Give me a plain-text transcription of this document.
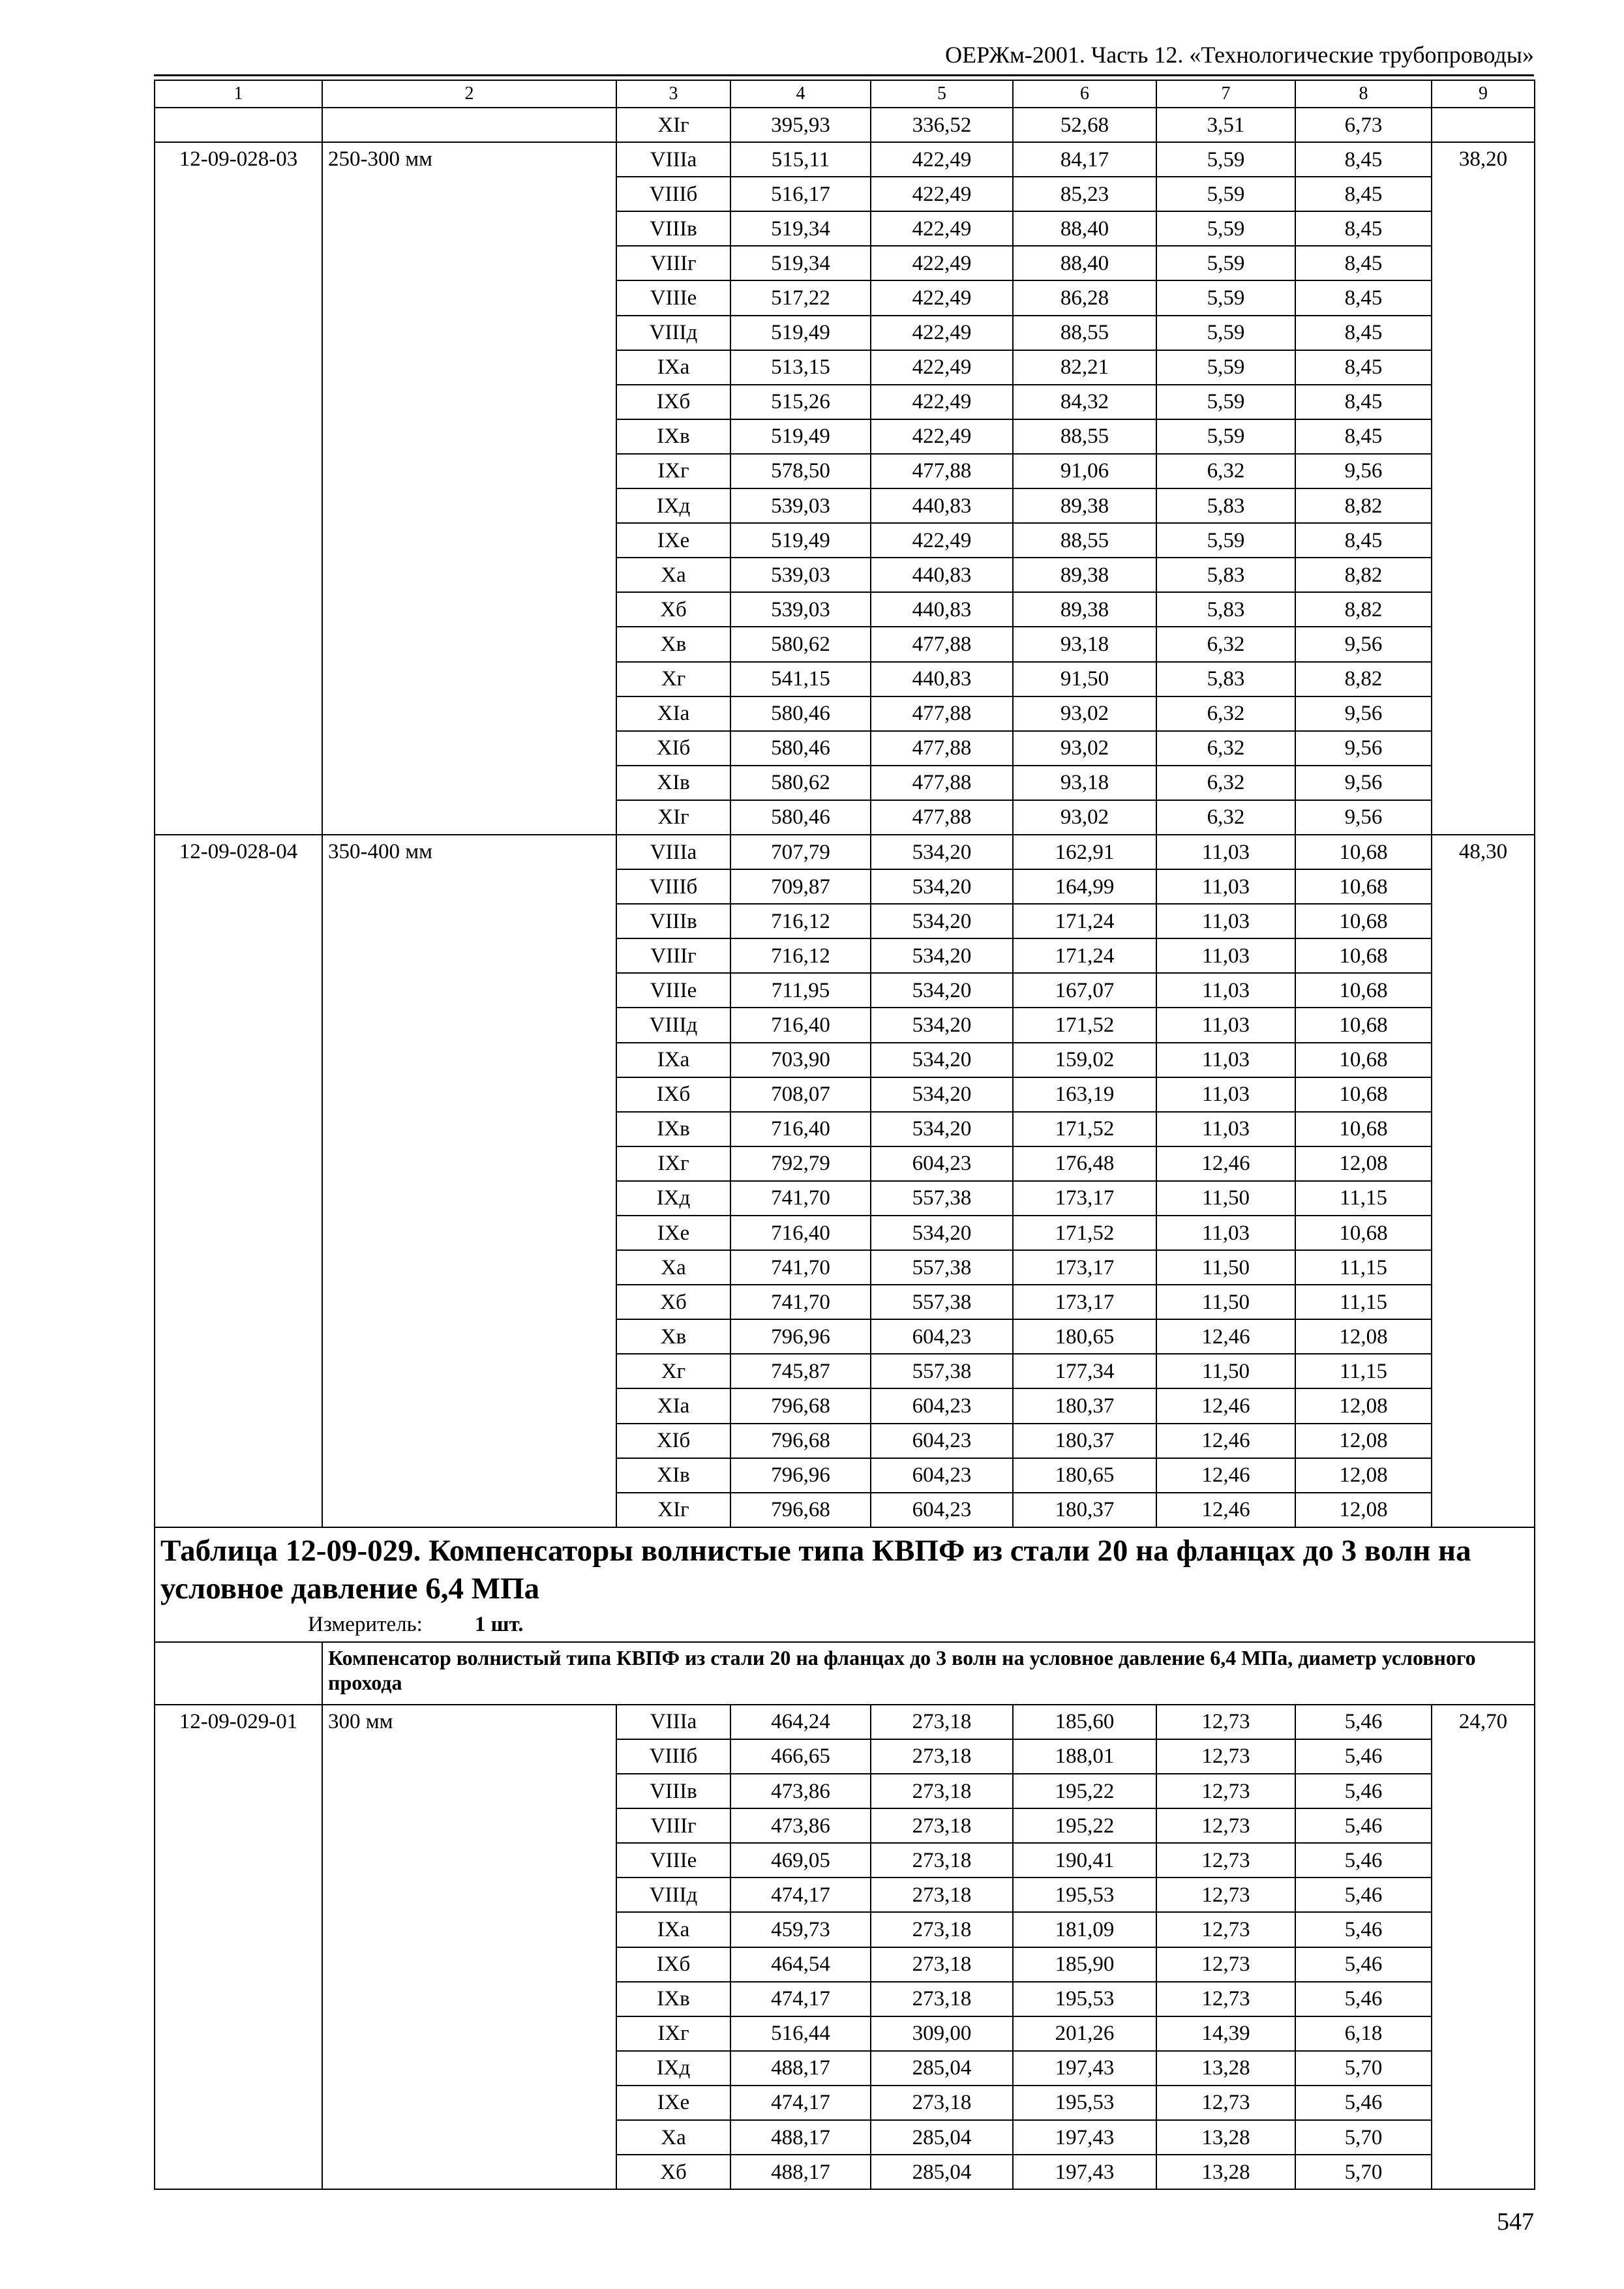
ОЕРЖм-2001. Часть 12. «Технологические трубопроводы»
1	2	3	4	5	6	7	8	9
		XIг	395,93	336,52	52,68	3,51	6,73	
12-09-028-03	250-300 мм	VIIIа	515,11	422,49	84,17	5,59	8,45	38,20
		VIIIб	516,17	422,49	85,23	5,59	8,45	
		VIIIв	519,34	422,49	88,40	5,59	8,45	
		VIIIг	519,34	422,49	88,40	5,59	8,45	
		VIIIе	517,22	422,49	86,28	5,59	8,45	
		VIIIд	519,49	422,49	88,55	5,59	8,45	
		IXа	513,15	422,49	82,21	5,59	8,45	
		IXб	515,26	422,49	84,32	5,59	8,45	
		IXв	519,49	422,49	88,55	5,59	8,45	
		IXг	578,50	477,88	91,06	6,32	9,56	
		IXд	539,03	440,83	89,38	5,83	8,82	
		IXе	519,49	422,49	88,55	5,59	8,45	
		Xа	539,03	440,83	89,38	5,83	8,82	
		Xб	539,03	440,83	89,38	5,83	8,82	
		Xв	580,62	477,88	93,18	6,32	9,56	
		Xг	541,15	440,83	91,50	5,83	8,82	
		XIа	580,46	477,88	93,02	6,32	9,56	
		XIб	580,46	477,88	93,02	6,32	9,56	
		XIв	580,62	477,88	93,18	6,32	9,56	
		XIг	580,46	477,88	93,02	6,32	9,56	
12-09-028-04	350-400 мм	VIIIа	707,79	534,20	162,91	11,03	10,68	48,30
		VIIIб	709,87	534,20	164,99	11,03	10,68	
		VIIIв	716,12	534,20	171,24	11,03	10,68	
		VIIIг	716,12	534,20	171,24	11,03	10,68	
		VIIIе	711,95	534,20	167,07	11,03	10,68	
		VIIIд	716,40	534,20	171,52	11,03	10,68	
		IXа	703,90	534,20	159,02	11,03	10,68	
		IXб	708,07	534,20	163,19	11,03	10,68	
		IXв	716,40	534,20	171,52	11,03	10,68	
		IXг	792,79	604,23	176,48	12,46	12,08	
		IXд	741,70	557,38	173,17	11,50	11,15	
		IXе	716,40	534,20	171,52	11,03	10,68	
		Xа	741,70	557,38	173,17	11,50	11,15	
		Xб	741,70	557,38	173,17	11,50	11,15	
		Xв	796,96	604,23	180,65	12,46	12,08	
		Xг	745,87	557,38	177,34	11,50	11,15	
		XIа	796,68	604,23	180,37	12,46	12,08	
		XIб	796,68	604,23	180,37	12,46	12,08	
		XIв	796,96	604,23	180,65	12,46	12,08	
		XIг	796,68	604,23	180,37	12,46	12,08	
Таблица 12-09-029. Компенсаторы волнистые типа КВПФ из стали 20 на фланцах до 3 волн на условное давление 6,4 МПа								
Измеритель: 1 шт.								
	Компенсатор волнистый типа КВПФ из стали 20 на фланцах до 3 волн на условное давление 6,4 МПа, диаметр условного прохода							
12-09-029-01	300 мм	VIIIа	464,24	273,18	185,60	12,73	5,46	24,70
		VIIIб	466,65	273,18	188,01	12,73	5,46	
		VIIIв	473,86	273,18	195,22	12,73	5,46	
		VIIIг	473,86	273,18	195,22	12,73	5,46	
		VIIIе	469,05	273,18	190,41	12,73	5,46	
		VIIIд	474,17	273,18	195,53	12,73	5,46	
		IXа	459,73	273,18	181,09	12,73	5,46	
		IXб	464,54	273,18	185,90	12,73	5,46	
		IXв	474,17	273,18	195,53	12,73	5,46	
		IXг	516,44	309,00	201,26	14,39	6,18	
		IXд	488,17	285,04	197,43	13,28	5,70	
		IXе	474,17	273,18	195,53	12,73	5,46	
		Xа	488,17	285,04	197,43	13,28	5,70	
		Xб	488,17	285,04	197,43	13,28	5,70	
547
